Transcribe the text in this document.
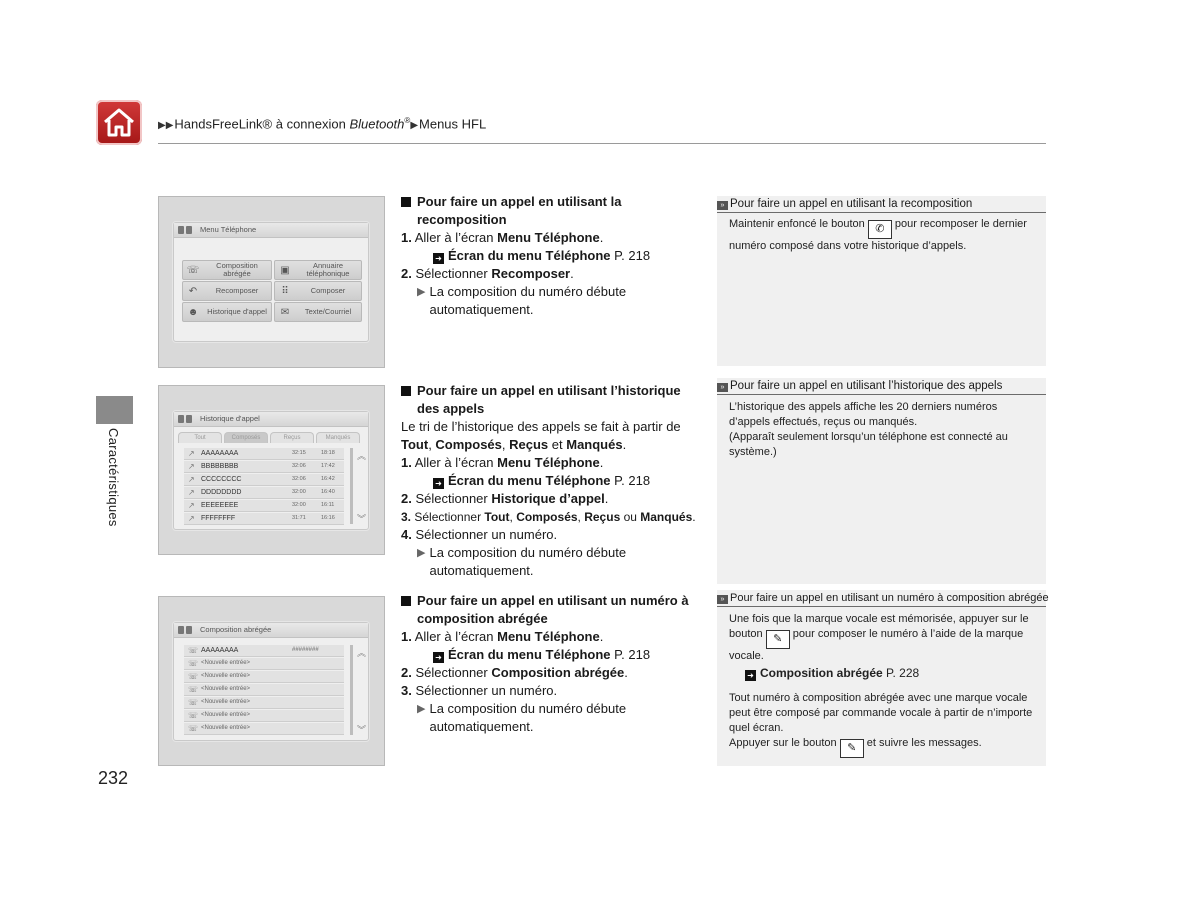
▶▶HandsFreeLink® à connexion Bluetooth®▶Menus HFL
Caractéristiques
232
Menu Téléphone
☏	Composition abrégée	▣	Annuaire téléphonique
↶	Recomposer	⠿	Composer
☻	Historique d'appel	✉	Texte/Courriel
Historique d'appel
Tout	Composés	Reçus	Manqués
↗ AAAAAAAA	32:15	18:18
↗ BBBBBBBB	32:06	17:42
↗ CCCCCCCC	32:06	16:42
↗ DDDDDDDD	32:00	16:40
↗ EEEEEEEE	32:00	16:11
↗ FFFFFFFF	31:71	16:16
︽
︾
Composition abrégée
☏ AAAAAAAA	########
☏ <Nouvelle entrée>
☏ <Nouvelle entrée>
☏ <Nouvelle entrée>
☏ <Nouvelle entrée>
☏ <Nouvelle entrée>
☏ <Nouvelle entrée>
︽
︾
Pour faire un appel en utilisant la recomposition
1. Aller à l’écran Menu Téléphone.
➜ Écran du menu Téléphone P. 218
2. Sélectionner Recomposer.
▶ La composition du numéro débute automatiquement.
Pour faire un appel en utilisant l’historique des appels
Le tri de l’historique des appels se fait à partir de Tout, Composés, Reçus et Manqués.
1. Aller à l’écran Menu Téléphone.
➜ Écran du menu Téléphone P. 218
2. Sélectionner Historique d’appel.
3. Sélectionner Tout, Composés, Reçus ou Manqués.
4. Sélectionner un numéro.
▶ La composition du numéro débute automatiquement.
Pour faire un appel en utilisant un numéro à composition abrégée
1. Aller à l’écran Menu Téléphone.
➜ Écran du menu Téléphone P. 218
2. Sélectionner Composition abrégée.
3. Sélectionner un numéro.
▶ La composition du numéro débute automatiquement.
» Pour faire un appel en utilisant la recomposition
Maintenir enfoncé le bouton ✆ pour recomposer le dernier numéro composé dans votre historique d’appels.
» Pour faire un appel en utilisant l’historique des appels
L’historique des appels affiche les 20 derniers numéros d’appels effectués, reçus ou manqués.
(Apparaît seulement lorsqu’un téléphone est connecté au système.)
» Pour faire un appel en utilisant un numéro à composition abrégée
Une fois que la marque vocale est mémorisée, appuyer sur le bouton ✎ pour composer le numéro à l’aide de la marque vocale.
➜ Composition abrégée P. 228
Tout numéro à composition abrégée avec une marque vocale peut être composé par commande vocale à partir de n’importe quel écran.
Appuyer sur le bouton ✎ et suivre les messages.
